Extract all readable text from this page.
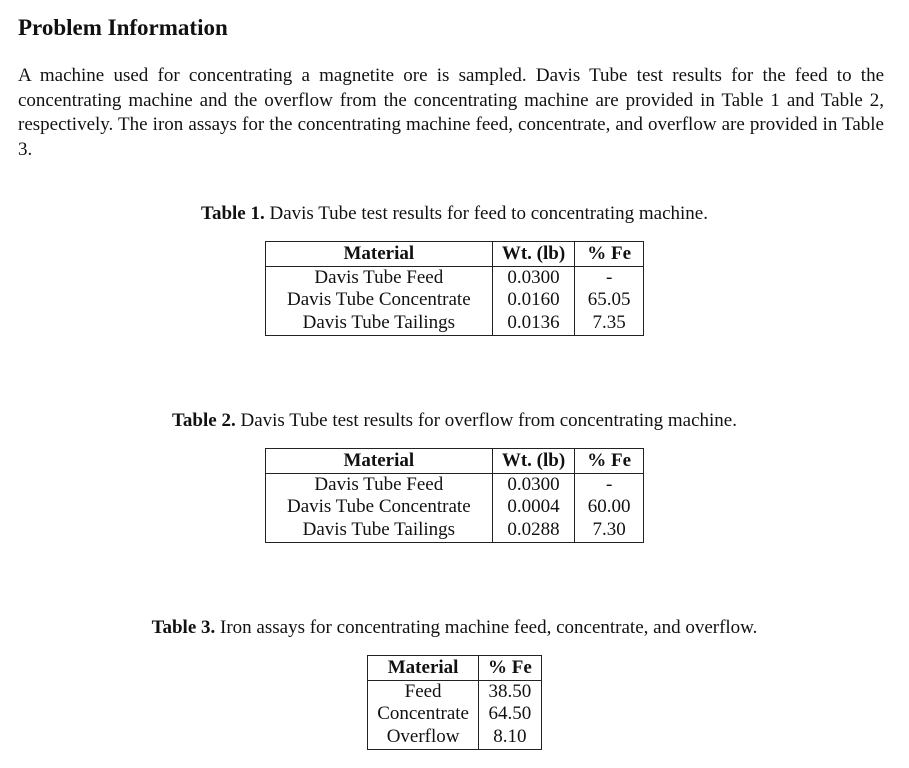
Problem Information

A machine used for concentrating a magnetite ore is sampled. Davis Tube test results for the feed to the concentrating machine and the overflow from the concentrating machine are provided in Table 1 and Table 2, respectively. The iron assays for the concentrating machine feed, concentrate, and overflow are provided in Table 3.

Table 1. Davis Tube test results for feed to concentrating machine.

Material	Wt. (lb)	% Fe
Davis Tube Feed	0.0300	-
Davis Tube Concentrate	0.0160	65.05
Davis Tube Tailings	0.0136	7.35

Table 2. Davis Tube test results for overflow from concentrating machine.

Material	Wt. (lb)	% Fe
Davis Tube Feed	0.0300	-
Davis Tube Concentrate	0.0004	60.00
Davis Tube Tailings	0.0288	7.30

Table 3. Iron assays for concentrating machine feed, concentrate, and overflow.

Material	% Fe
Feed	38.50
Concentrate	64.50
Overflow	8.10
